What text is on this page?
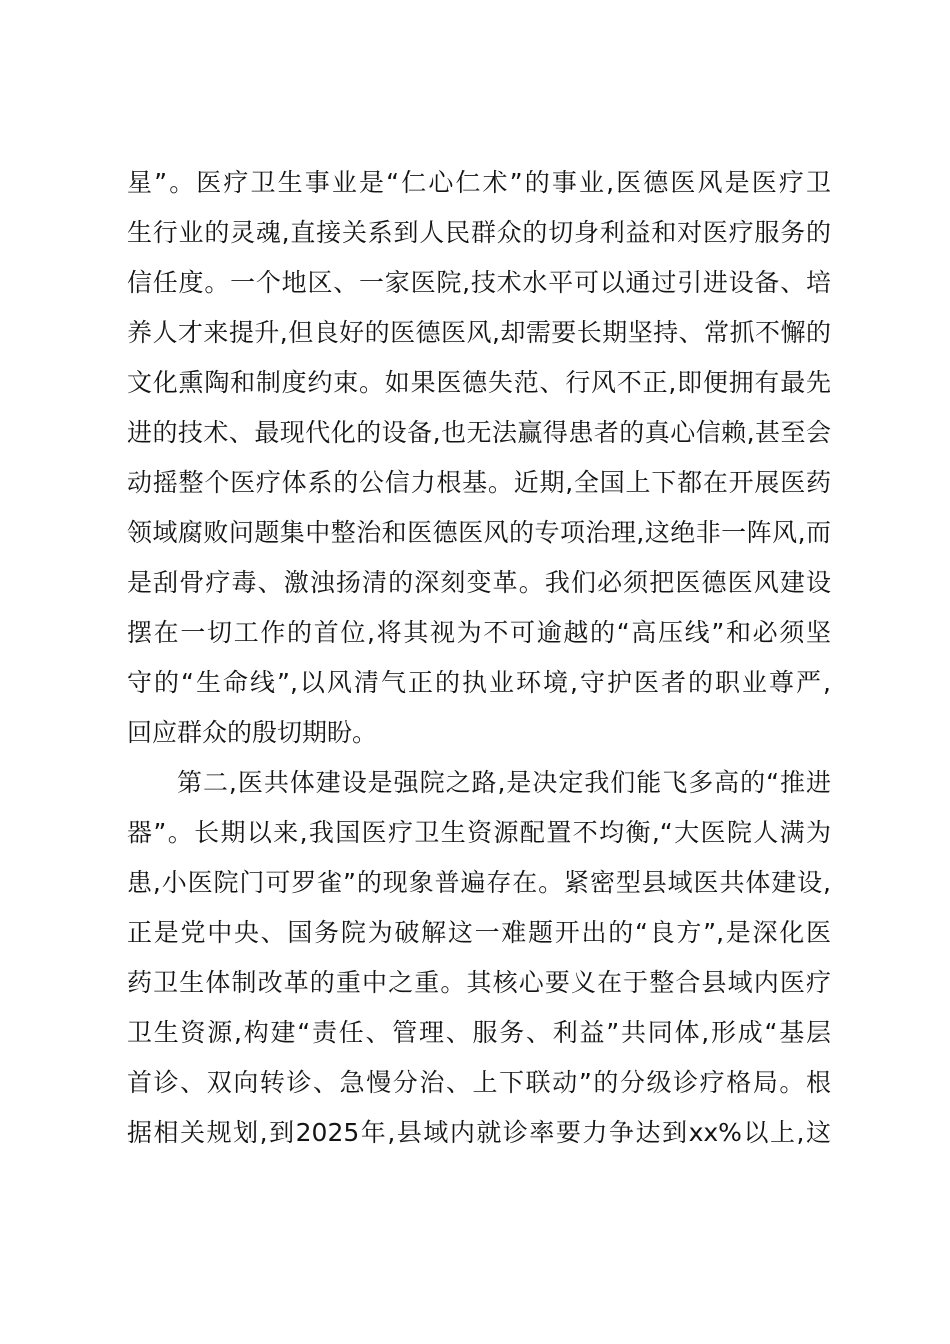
星”。医疗卫生事业是“仁心仁术”的事业,医德医风是医疗卫
生行业的灵魂,直接关系到人民群众的切身利益和对医疗服务的
信任度。一个地区、一家医院,技术水平可以通过引进设备、培
养人才来提升,但良好的医德医风,却需要长期坚持、常抓不懈的
文化熏陶和制度约束。如果医德失范、行风不正,即便拥有最先
进的技术、最现代化的设备,也无法赢得患者的真心信赖,甚至会
动摇整个医疗体系的公信力根基。近期,全国上下都在开展医药
领域腐败问题集中整治和医德医风的专项治理,这绝非一阵风,而
是刮骨疗毒、激浊扬清的深刻变革。我们必须把医德医风建设
摆在一切工作的首位,将其视为不可逾越的“高压线”和必须坚
守的“生命线”,以风清气正的执业环境,守护医者的职业尊严,
回应群众的殷切期盼。
第二,医共体建设是强院之路,是决定我们能飞多高的“推进
器”。长期以来,我国医疗卫生资源配置不均衡,“大医院人满为
患,小医院门可罗雀”的现象普遍存在。紧密型县域医共体建设,
正是党中央、国务院为破解这一难题开出的“良方”,是深化医
药卫生体制改革的重中之重。其核心要义在于整合县域内医疗
卫生资源,构建“责任、管理、服务、利益”共同体,形成“基层
首诊、双向转诊、急慢分治、上下联动”的分级诊疗格局。根
据相关规划,到2025年,县域内就诊率要力争达到xx%以上,这
